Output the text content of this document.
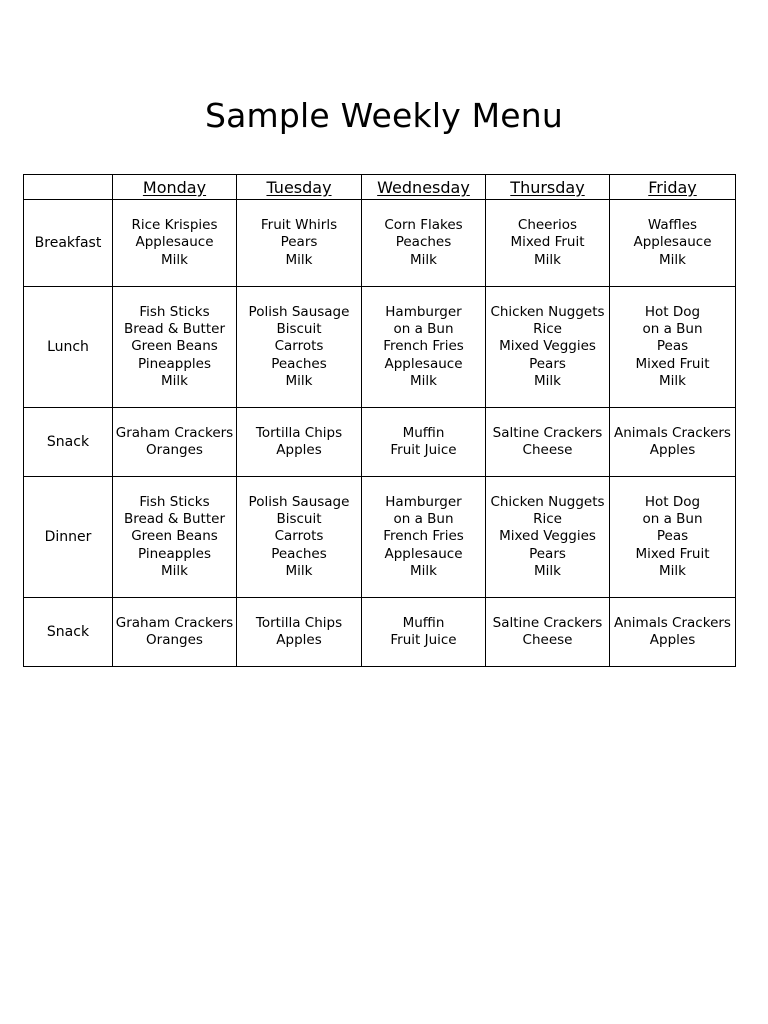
Sample Weekly Menu
	Monday	Tuesday	Wednesday	Thursday	Friday
Breakfast	Rice Krispies
Applesauce
Milk	Fruit Whirls
Pears
Milk	Corn Flakes
Peaches
Milk	Cheerios
Mixed Fruit
Milk	Waffles
Applesauce
Milk

Lunch	Fish Sticks
Bread & Butter
Green Beans
Pineapples
Milk	Polish Sausage
Biscuit
Carrots
Peaches
Milk	Hamburger
on a Bun
French Fries
Applesauce
Milk	Chicken Nuggets
Rice
Mixed Veggies
Pears
Milk	Hot Dog
on a Bun
Peas
Mixed Fruit
Milk

Snack	Graham Crackers
Oranges	Tortilla Chips
Apples	Muffin
Fruit Juice	Saltine Crackers
Cheese	Animals Crackers
Apples

Dinner	Fish Sticks
Bread & Butter
Green Beans
Pineapples
Milk	Polish Sausage
Biscuit
Carrots
Peaches
Milk	Hamburger
on a Bun
French Fries
Applesauce
Milk	Chicken Nuggets
Rice
Mixed Veggies
Pears
Milk	Hot Dog
on a Bun
Peas
Mixed Fruit
Milk

Snack	Graham Crackers
Oranges	Tortilla Chips
Apples	Muffin
Fruit Juice	Saltine Crackers
Cheese	Animals Crackers
Apples
